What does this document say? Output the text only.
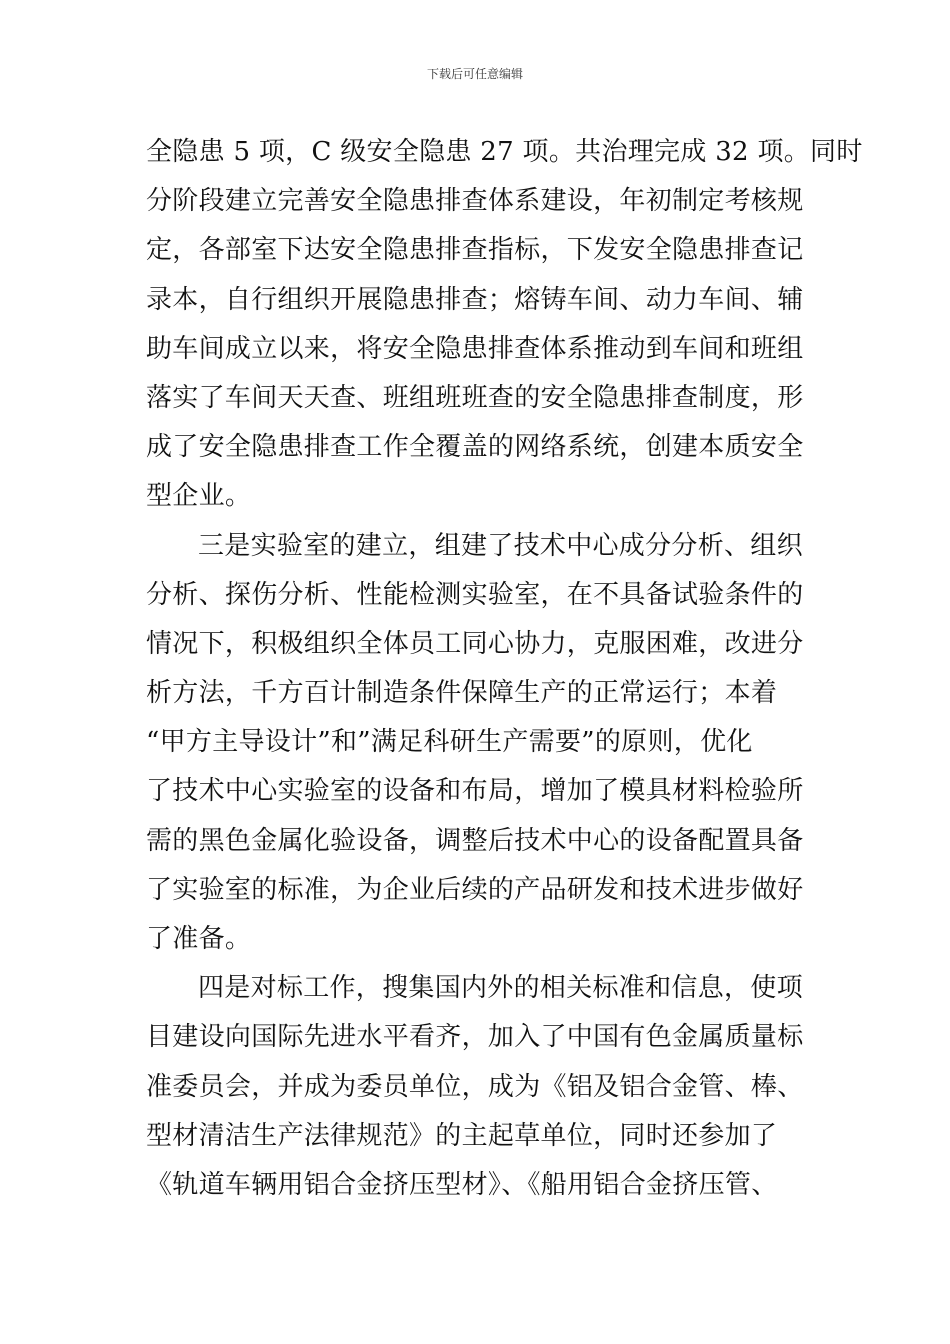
下载后可任意编辑
全隐患 5 项，C 级安全隐患 27 项。共治理完成 32 项。同时
分阶段建立完善安全隐患排查体系建设，年初制定考核规
定，各部室下达安全隐患排查指标，下发安全隐患排查记
录本，自行组织开展隐患排查；熔铸车间、动力车间、辅
助车间成立以来，将安全隐患排查体系推动到车间和班组
落实了车间天天查、班组班班查的安全隐患排查制度，形
成了安全隐患排查工作全覆盖的网络系统，创建本质安全
型企业。
三是实验室的建立，组建了技术中心成分分析、组织
分析、探伤分析、性能检测实验室，在不具备试验条件的
情况下，积极组织全体员工同心协力，克服困难，改进分
析方法，千方百计制造条件保障生产的正常运行；本着
“甲方主导设计”和”满足科研生产需要”的原则，优化
了技术中心实验室的设备和布局，增加了模具材料检验所
需的黑色金属化验设备，调整后技术中心的设备配置具备
了实验室的标准，为企业后续的产品研发和技术进步做好
了准备。
四是对标工作，搜集国内外的相关标准和信息，使项
目建设向国际先进水平看齐，加入了中国有色金属质量标
准委员会，并成为委员单位，成为《铝及铝合金管、棒、
型材清洁生产法律规范》的主起草单位，同时还参加了
《轨道车辆用铝合金挤压型材》、《船用铝合金挤压管、
